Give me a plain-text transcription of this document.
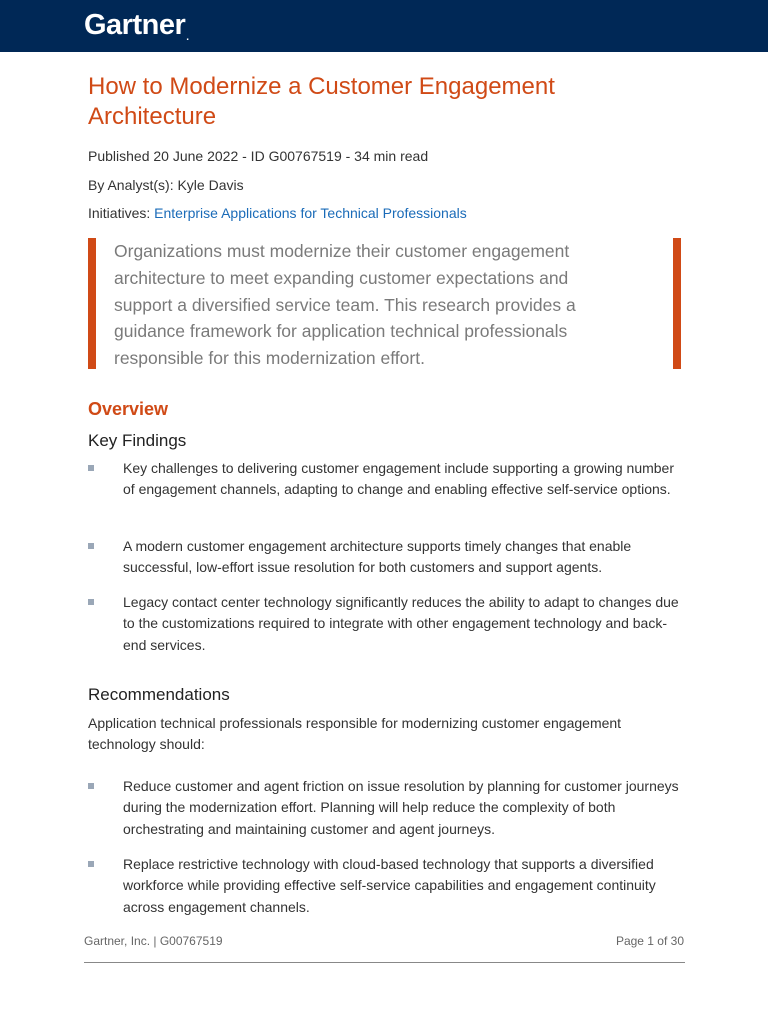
Gartner.
How to Modernize a Customer Engagement Architecture

Published 20 June 2022 - ID G00767519 - 34 min read

By Analyst(s): Kyle Davis

Initiatives: Enterprise Applications for Technical Professionals

Organizations must modernize their customer engagement architecture to meet expanding customer expectations and support a diversified service team. This research provides a guidance framework for application technical professionals responsible for this modernization effort.

Overview
Key Findings
Key challenges to delivering customer engagement include supporting a growing number of engagement channels, adapting to change and enabling effective self-service options.
A modern customer engagement architecture supports timely changes that enable successful, low-effort issue resolution for both customers and support agents.
Legacy contact center technology significantly reduces the ability to adapt to changes due to the customizations required to integrate with other engagement technology and back-end services.
Recommendations

Application technical professionals responsible for modernizing customer engagement technology should:

Reduce customer and agent friction on issue resolution by planning for customer journeys during the modernization effort. Planning will help reduce the complexity of both orchestrating and maintaining customer and agent journeys.
Replace restrictive technology with cloud-based technology that supports a diversified workforce while providing effective self-service capabilities and engagement continuity across engagement channels.
Gartner, Inc. | G00767519	Page 1 of 30
